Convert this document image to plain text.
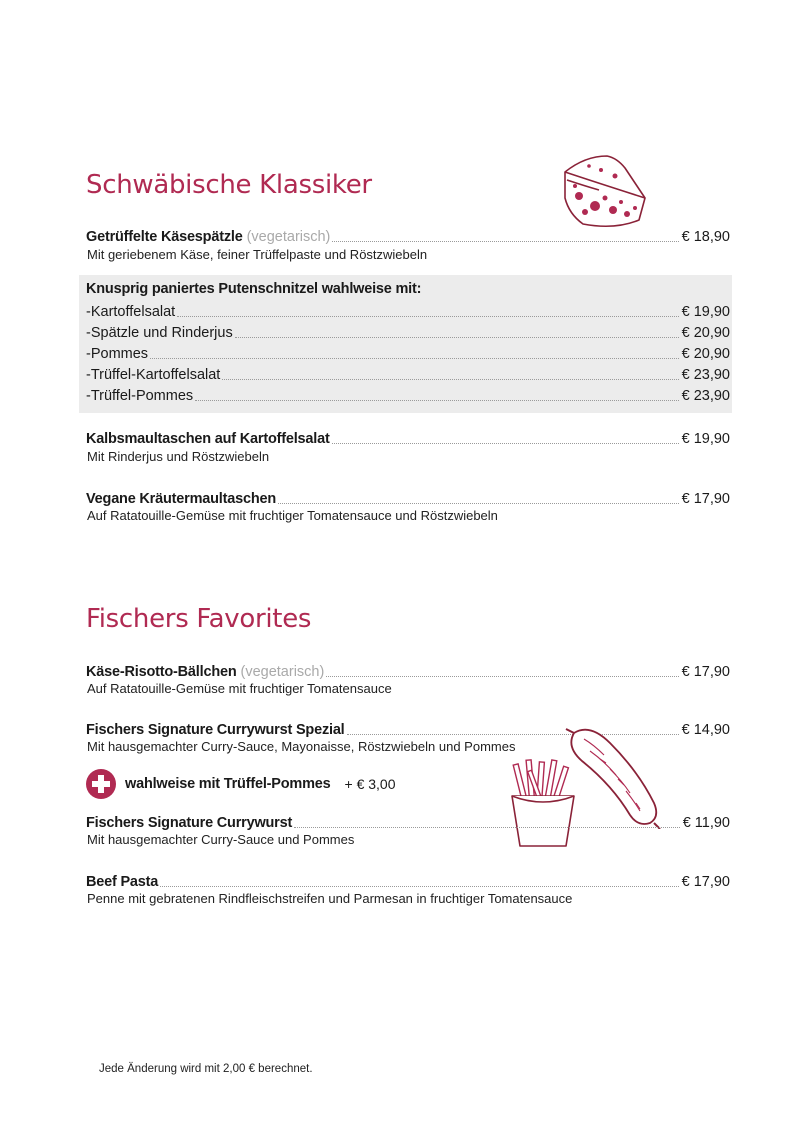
Schwäbische Klassiker
Getrüffelte Käsespätzle (vegetarisch)	€ 18,90
Mit geriebenem Käse, feiner Trüffelpaste und Röstzwiebeln
Knusprig paniertes Putenschnitzel wahlweise mit:
-Kartoffelsalat	€ 19,90
-Spätzle und Rinderjus	€ 20,90
-Pommes	€ 20,90
-Trüffel-Kartoffelsalat	€ 23,90
-Trüffel-Pommes	€ 23,90
Kalbsmaultaschen auf Kartoffelsalat	€ 19,90
Mit Rinderjus und Röstzwiebeln
Vegane Kräutermaultaschen	€ 17,90
Auf Ratatouille-Gemüse mit fruchtiger Tomatensauce und Röstzwiebeln
Fischers Favorites
Käse-Risotto-Bällchen (vegetarisch)	€ 17,90
Auf Ratatouille-Gemüse mit fruchtiger Tomatensauce
Fischers Signature Currywurst Spezial	€ 14,90
Mit hausgemachter Curry-Sauce, Mayonaisse, Röstzwiebeln und Pommes
wahlweise mit Trüffel-Pommes + € 3,00
Fischers Signature Currywurst	€ 11,90
Mit hausgemachter Curry-Sauce und Pommes
Beef Pasta	€ 17,90
Penne mit gebratenen Rindfleischstreifen und Parmesan in fruchtiger Tomatensauce
Jede Änderung wird mit 2,00 € berechnet.
